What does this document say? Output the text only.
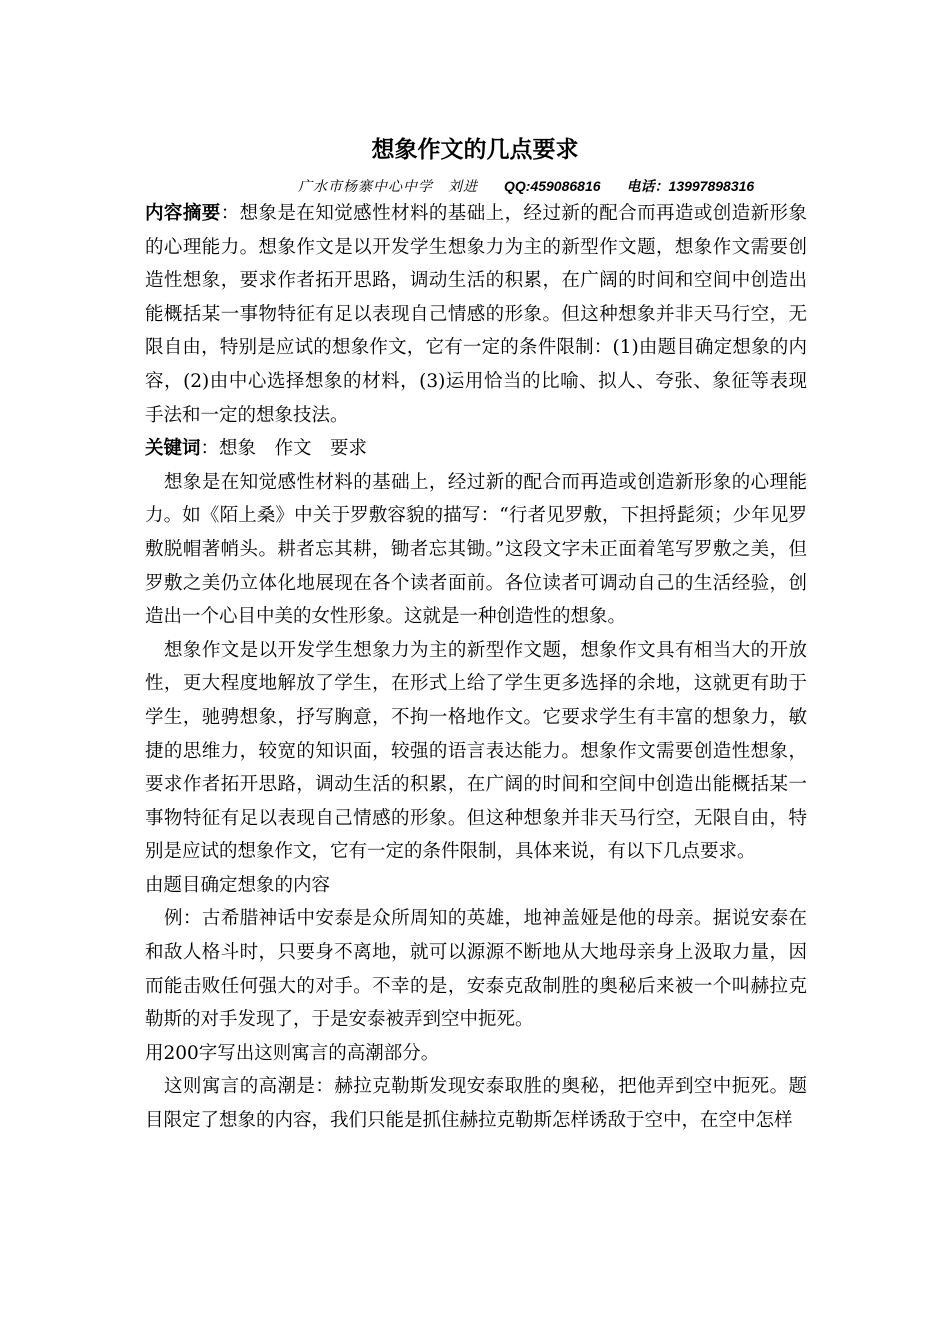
想象作文的几点要求
广水市杨寨中心中学　刘进 QQ:459086816 电话：13997898316

内容摘要：想象是在知觉感性材料的基础上，经过新的配合而再造或创造新形象的心理能力。想象作文是以开发学生想象力为主的新型作文题，想象作文需要创造性想象，要求作者拓开思路，调动生活的积累，在广阔的时间和空间中创造出能概括某一事物特征有足以表现自己情感的形象。但这种想象并非天马行空，无限自由，特别是应试的想象作文，它有一定的条件限制：(1)由题目确定想象的内容，(2)由中心选择想象的材料，(3)运用恰当的比喻、拟人、夸张、象征等表现手法和一定的想象技法。

关键词：想象　作文　要求

想象是在知觉感性材料的基础上，经过新的配合而再造或创造新形象的心理能力。如《陌上桑》中关于罗敷容貌的描写：“行者见罗敷，下担捋髭须；少年见罗敷脱帽著帩头。耕者忘其耕，锄者忘其锄。”这段文字未正面着笔写罗敷之美，但罗敷之美仍立体化地展现在各个读者面前。各位读者可调动自己的生活经验，创造出一个心目中美的女性形象。这就是一种创造性的想象。

想象作文是以开发学生想象力为主的新型作文题，想象作文具有相当大的开放性，更大程度地解放了学生，在形式上给了学生更多选择的余地，这就更有助于学生，驰骋想象，抒写胸意，不拘一格地作文。它要求学生有丰富的想象力，敏捷的思维力，较宽的知识面，较强的语言表达能力。想象作文需要创造性想象，要求作者拓开思路，调动生活的积累，在广阔的时间和空间中创造出能概括某一事物特征有足以表现自己情感的形象。但这种想象并非天马行空，无限自由，特别是应试的想象作文，它有一定的条件限制，具体来说，有以下几点要求。

由题目确定想象的内容

例：古希腊神话中安泰是众所周知的英雄，地神盖娅是他的母亲。据说安泰在和敌人格斗时，只要身不离地，就可以源源不断地从大地母亲身上汲取力量，因而能击败任何强大的对手。不幸的是，安泰克敌制胜的奥秘后来被一个叫赫拉克勒斯的对手发现了，于是安泰被弄到空中扼死。

用200字写出这则寓言的高潮部分。

这则寓言的高潮是：赫拉克勒斯发现安泰取胜的奥秘，把他弄到空中扼死。题目限定了想象的内容，我们只能是抓住赫拉克勒斯怎样诱敌于空中，在空中怎样
